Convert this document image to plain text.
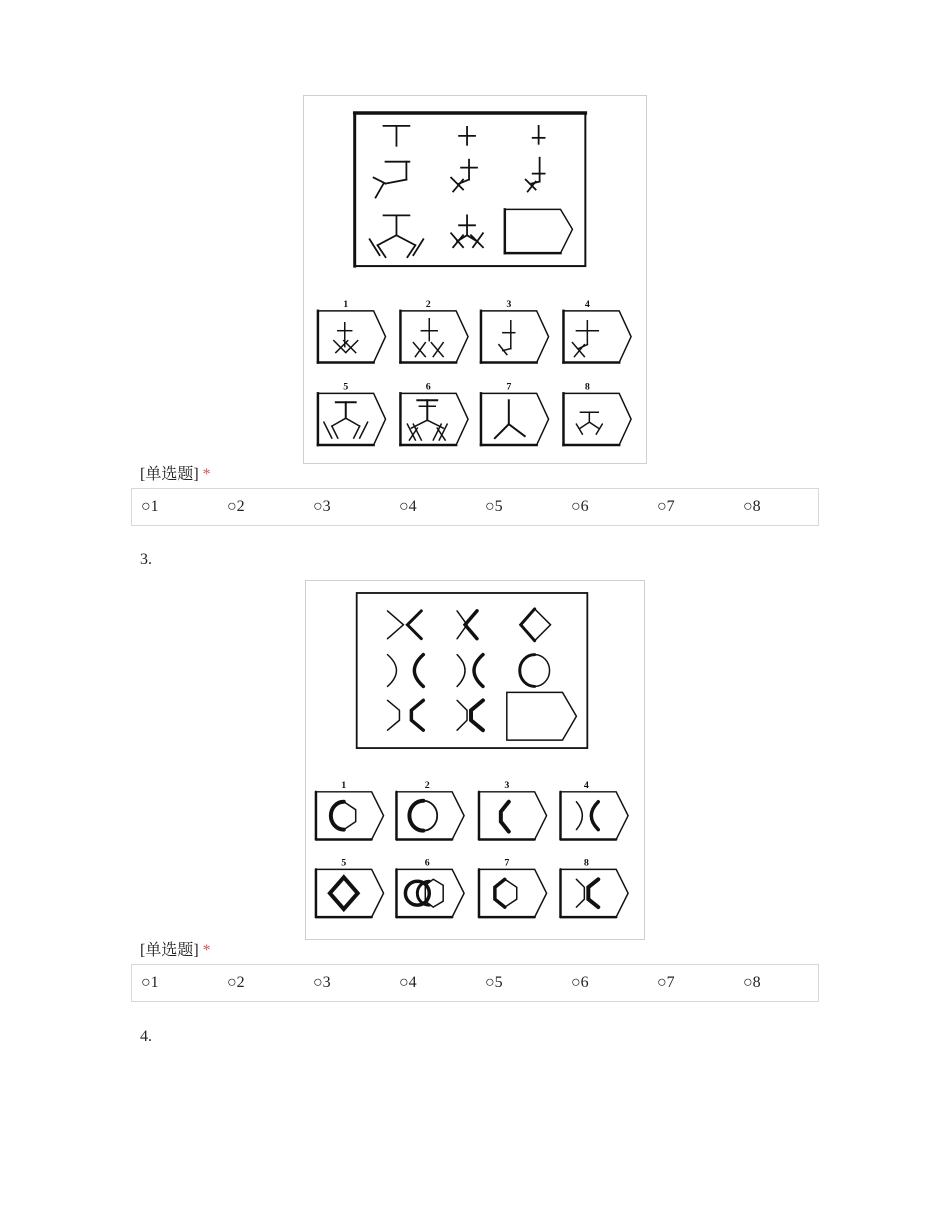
1	2	3	4
5	6	7	8
[单选题] *
○1	○2	○3	○4	○5	○6	○7	○8
3.
1	2	3	4
5	6	7	8
[单选题] *
○1	○2	○3	○4	○5	○6	○7	○8
4.
